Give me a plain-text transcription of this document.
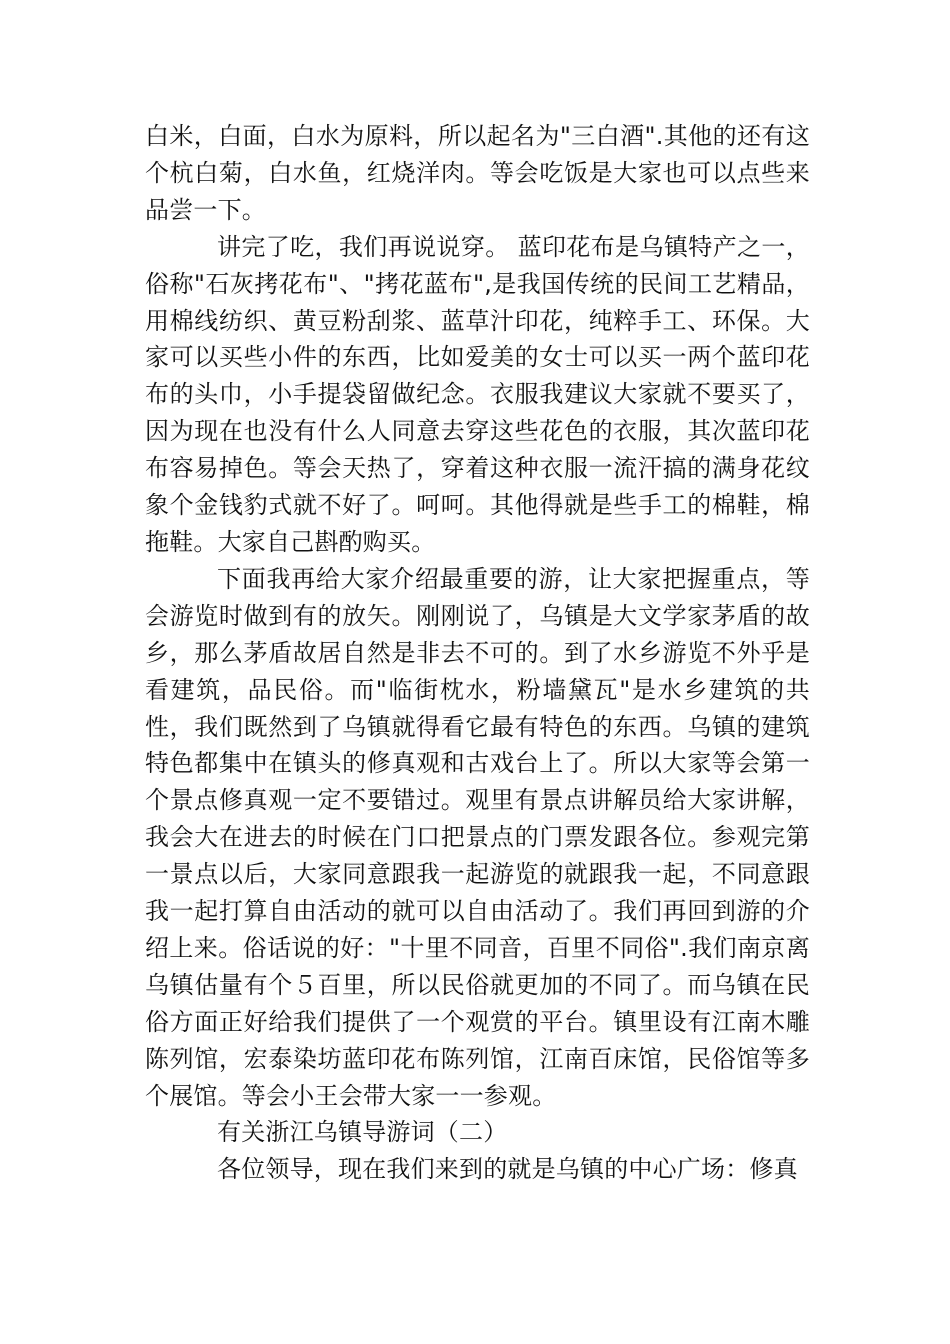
白米，白面，白水为原料，所以起名为"三白酒".其他的还有这个杭白菊，白水鱼，红烧洋肉。等会吃饭是大家也可以点些来品尝一下。

讲完了吃，我们再说说穿。 蓝印花布是乌镇特产之一，俗称"石灰拷花布"、"拷花蓝布",是我国传统的民间工艺精品，用棉线纺织、黄豆粉刮浆、蓝草汁印花，纯粹手工、环保。大家可以买些小件的东西，比如爱美的女士可以买一两个蓝印花布的头巾，小手提袋留做纪念。衣服我建议大家就不要买了，因为现在也没有什么人同意去穿这些花色的衣服，其次蓝印花布容易掉色。等会天热了，穿着这种衣服一流汗搞的满身花纹象个金钱豹式就不好了。呵呵。其他得就是些手工的棉鞋，棉拖鞋。大家自己斟酌购买。

下面我再给大家介绍最重要的游，让大家把握重点，等会游览时做到有的放矢。刚刚说了，乌镇是大文学家茅盾的故乡，那么茅盾故居自然是非去不可的。到了水乡游览不外乎是看建筑，品民俗。而"临街枕水，粉墙黛瓦"是水乡建筑的共性，我们既然到了乌镇就得看它最有特色的东西。乌镇的建筑特色都集中在镇头的修真观和古戏台上了。所以大家等会第一个景点修真观一定不要错过。观里有景点讲解员给大家讲解，我会大在进去的时候在门口把景点的门票发跟各位。参观完第一景点以后，大家同意跟我一起游览的就跟我一起，不同意跟我一起打算自由活动的就可以自由活动了。我们再回到游的介绍上来。俗话说的好："十里不同音，百里不同俗".我们南京离乌镇估量有个５百里，所以民俗就更加的不同了。而乌镇在民俗方面正好给我们提供了一个观赏的平台。镇里设有江南木雕陈列馆，宏泰染坊蓝印花布陈列馆，江南百床馆，民俗馆等多个展馆。等会小王会带大家一一参观。

有关浙江乌镇导游词（二）

各位领导，现在我们来到的就是乌镇的中心广场：修真
